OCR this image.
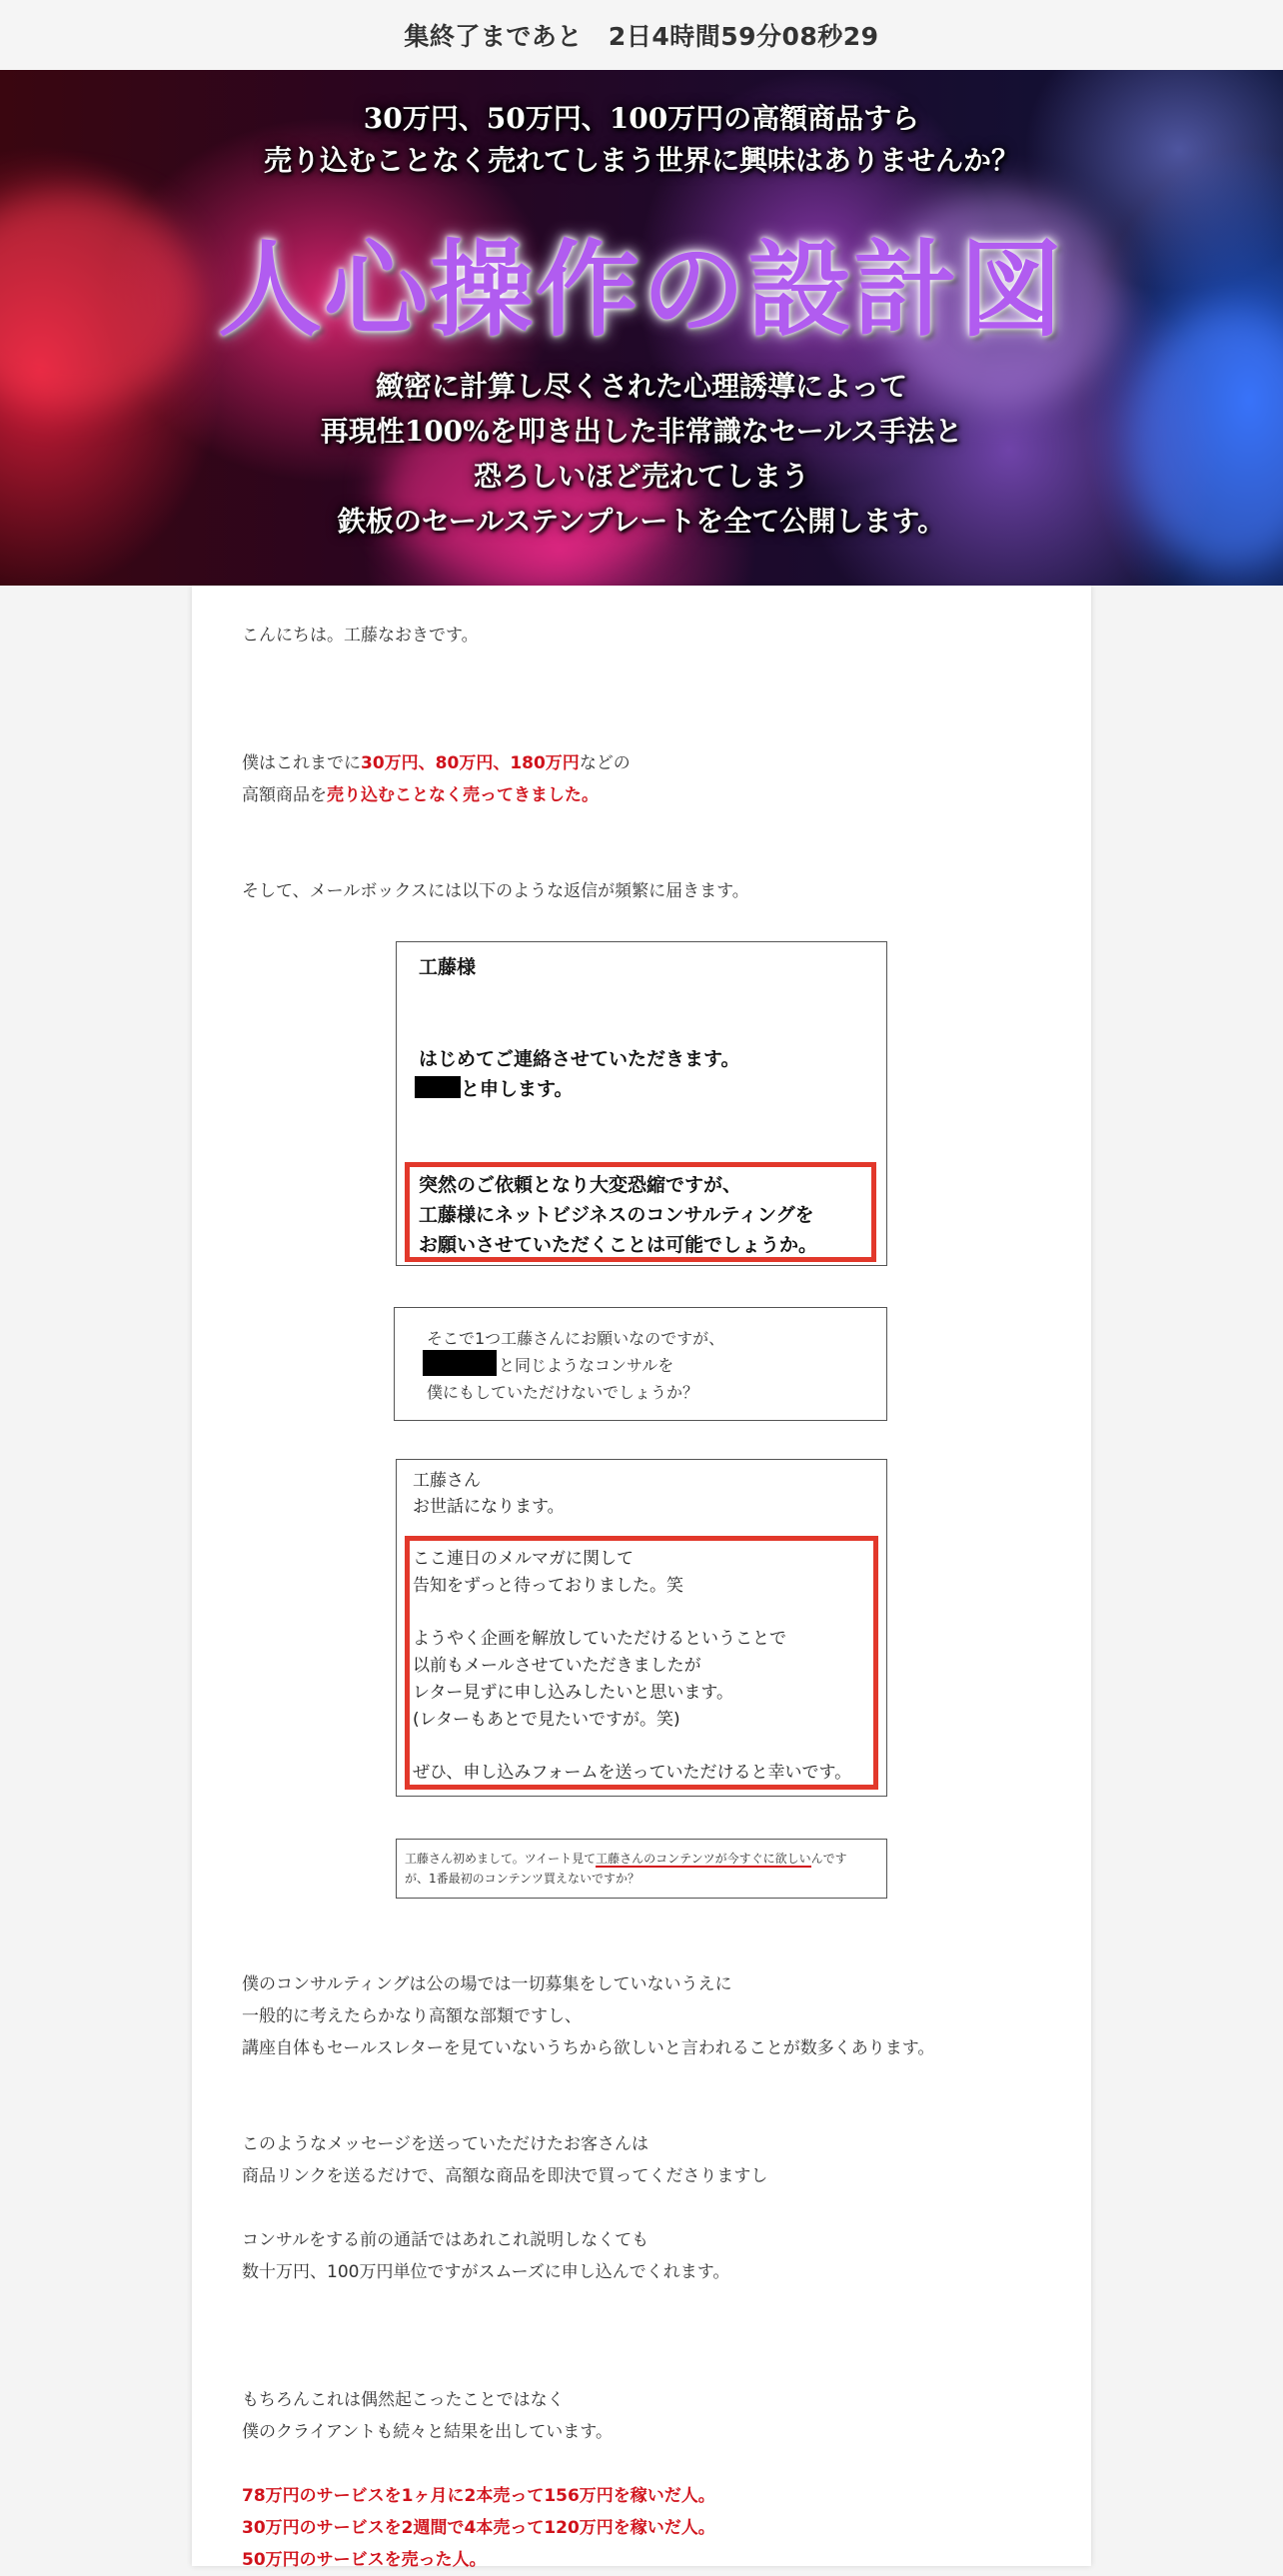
集終了まであと 2日4時間59分08秒29
30万円、50万円、100万円の高額商品すら
売り込むことなく売れてしまう世界に興味はありませんか？
人心操作の設計図
緻密に計算し尽くされた心理誘導によって
再現性100%を叩き出した非常識なセールス手法と
恐ろしいほど売れてしまう
鉄板のセールステンプレートを全て公開します。
こんにちは。工藤なおきです。
僕はこれまでに30万円、80万円、180万円などの
高額商品を売り込むことなく売ってきました。
そして、メールボックスには以下のような返信が頻繁に届きます。
工藤様
はじめてご連絡させていただきます。
と申します。
突然のご依頼となり大変恐縮ですが、
工藤様にネットビジネスのコンサルティングを
お願いさせていただくことは可能でしょうか。
そこで1つ工藤さんにお願いなのですが、
と同じようなコンサルを
僕にもしていただけないでしょうか？
工藤さん
お世話になります。
ここ連日のメルマガに関して
告知をずっと待っておりました。笑
ようやく企画を解放していただけるということで
以前もメールさせていただきましたが
レター見ずに申し込みしたいと思います。
(レターもあとで見たいですが。笑)
ぜひ、申し込みフォームを送っていただけると幸いです。
工藤さん初めまして。ツイート見て工藤さんのコンテンツが今すぐに欲しいんです
が、1番最初のコンテンツ買えないですか？
僕のコンサルティングは公の場では一切募集をしていないうえに
一般的に考えたらかなり高額な部類ですし、
講座自体もセールスレターを見ていないうちから欲しいと言われることが数多くあります。
このようなメッセージを送っていただけたお客さんは
商品リンクを送るだけで、高額な商品を即決で買ってくださりますし
コンサルをする前の通話ではあれこれ説明しなくても
数十万円、100万円単位ですがスムーズに申し込んでくれます。
もちろんこれは偶然起こったことではなく
僕のクライアントも続々と結果を出しています。
78万円のサービスを1ヶ月に2本売って156万円を稼いだ人。
30万円のサービスを2週間で4本売って120万円を稼いだ人。
50万円のサービスを売った人。
